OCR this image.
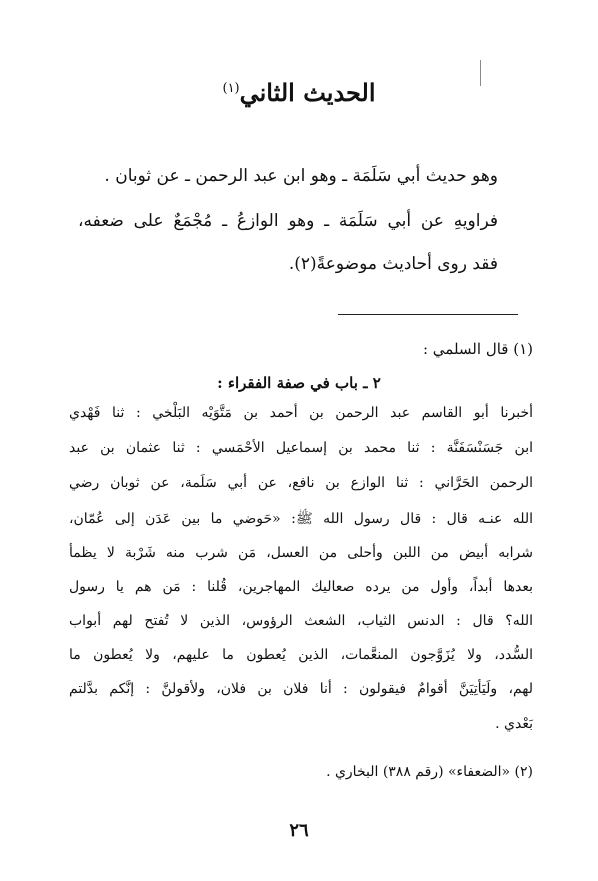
الحديث الثاني$^{(١)}$

وهو حديث أبي سَلَمَة ـ وهو ابن عبد الرحمن ـ عن ثوبان .

فراويهِ عن أبي سَلَمَة ـ وهو الوازعُ ـ مُجْمَعٌ على ضعفه،

فقد روى أحاديث موضوعةً(٢).

(١) قال السلمي :
٢ ـ باب في صفة الفقراء :
أخبرنا أبو القاسم عبد الرحمن بن أحمد بن مَتَّوَيْه البَلْخي : ثنا فَهْدي
ابن جَسَنْسَفَنَّة : ثنا محمد بن إسماعيل الأحْمَسي : ثنا عثمان بن عبد
الرحمن الحَرَّاني : ثنا الوازع بن نافع، عن أبي سَلَمة، عن ثوبان رضي
الله عنـه قال : قال رسول الله ﷺ: «حَوضي ما بين عَدَن إلى عُمّان،
شرابه أبيض من اللبن وأحلى من العسل، مَن شرب منه شَرْبة لا يظمأ
بعدها أبداً، وأول من يرده صعاليك المهاجرين، قُلنا : مَن هم يا رسول
الله؟ قال : الدنس الثياب، الشعث الرؤوس، الذين لا تُفتح لهم أبواب
السُّدد، ولا يُزَوَّجون المنعَّمات، الذين يُعطون ما عليهم، ولا يُعطون ما
لهم، ولَيَأتِيَنَّ أقوامٌ فيقولون : أنا فلان بن فلان، ولأقولنَّ : إنَّكم بدَّلتم
بَعْدي .
(٢) «الضعفاء» (رقم ٣٨٨) البخاري .
٢٦
